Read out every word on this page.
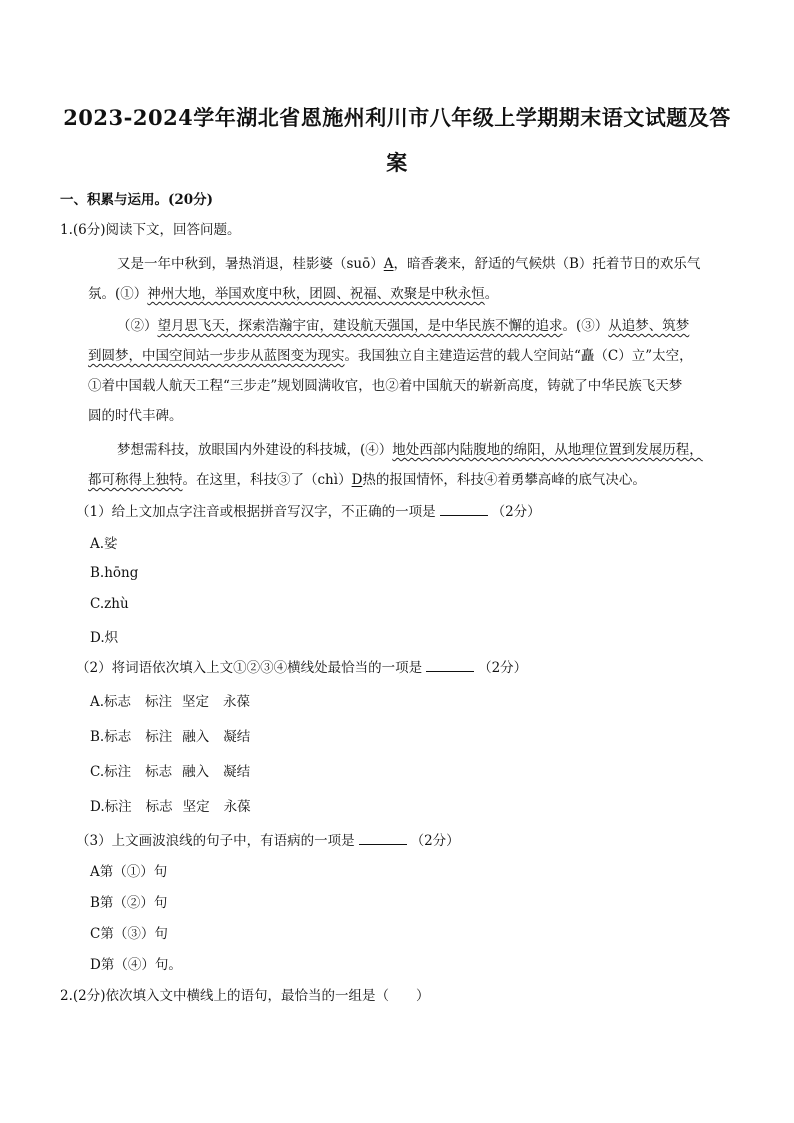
2023-2024学年湖北省恩施州利川市八年级上学期期末语文试题及答
案
一、积累与运用。(20分)
1.(6分)阅读下文，回答问题。
又是一年中秋到，暑热消退，桂影婆（suō）A，暗香袭来，舒适的气候烘（B）托着节日的欢乐气
氛。(①）神州大地，举国欢度中秋，团圆、祝福、欢聚是中秋永恒。
（②）望月思飞天，探索浩瀚宇宙，建设航天强国，是中华民族不懈的追求。(③）从追梦、筑梦
到圆梦，中国空间站一步步从蓝图变为现实。我国独立自主建造运营的载人空间站“矗（C）立”太空，
①着中国载人航天工程“三步走”规划圆满收官，也②着中国航天的崭新高度，铸就了中华民族飞天梦
圆的时代丰碑。
梦想需科技，放眼国内外建设的科技城，(④）地处西部内陆腹地的绵阳，从地理位置到发展历程，
都可称得上独特。在这里，科技③了（chì）D热的报国情怀，科技④着勇攀高峰的底气决心。
（1）给上文加点字注音或根据拼音写汉字，不正确的一项是	（2分）
A.娑
B.hōng
C.zhù
D.炽
（2）将词语依次填入上文①②③④横线处最恰当的一项是	（2分）
A.标志 标注 坚定 永葆
B.标志 标注 融入 凝结
C.标注 标志 融入 凝结
D.标注 标志 坚定 永葆
（3）上文画波浪线的句子中，有语病的一项是	（2分）
A第（①）句
B第（②）句
C第（③）句
D第（④）句。
2.(2分)依次填入文中横线上的语句，最恰当的一组是（　　）
